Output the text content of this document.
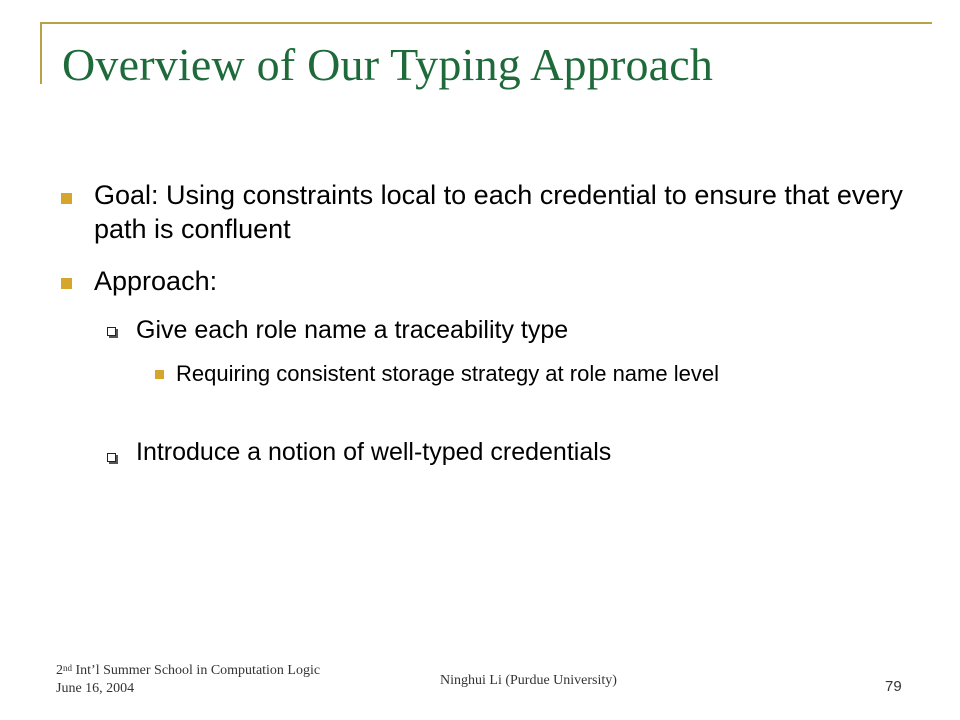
Overview of Our Typing Approach
Goal: Using constraints local to each credential to ensure that every path is confluent
Approach:
Give each role name a traceability type
Requiring consistent storage strategy at role name level
Introduce a notion of well-typed credentials
2nd Int’l Summer School in Computation Logic
June 16, 2004
Ninghui Li (Purdue University)	79
